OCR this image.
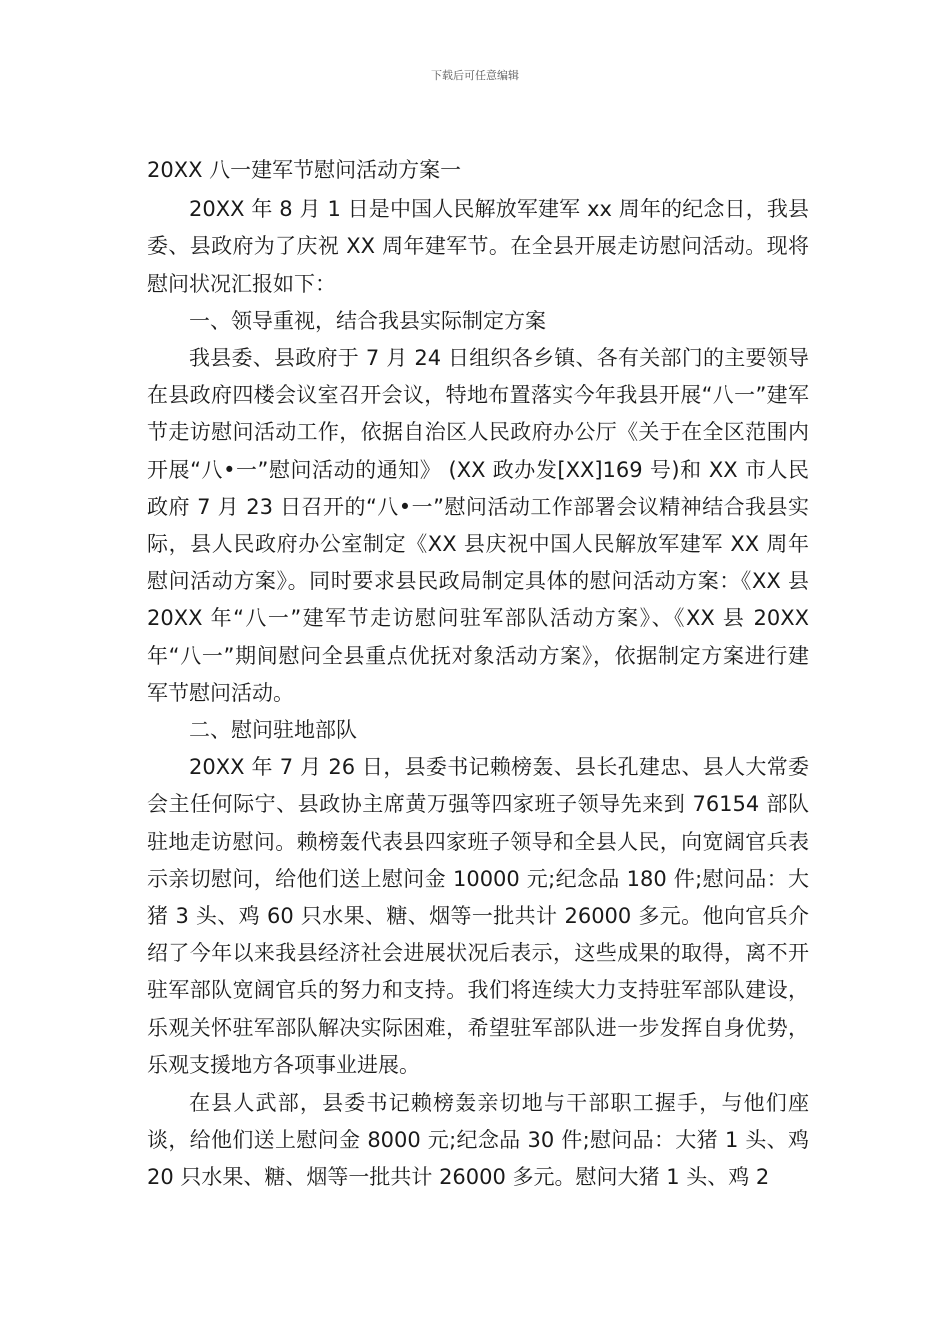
下载后可任意编辑

20XX 八一建军节慰问活动方案一

20XX 年 8 月 1 日是中国人民解放军建军 xx 周年的纪念日，我县委、县政府为了庆祝 XX 周年建军节。在全县开展走访慰问活动。现将慰问状况汇报如下：

一、领导重视，结合我县实际制定方案

我县委、县政府于 7 月 24 日组织各乡镇、各有关部门的主要领导在县政府四楼会议室召开会议，特地布置落实今年我县开展“八一”建军节走访慰问活动工作，依据自治区人民政府办公厅《关于在全区范围内开展“八•一”慰问活动的通知》 (XX 政办发[XX]169 号)和 XX 市人民政府 7 月 23 日召开的“八•一”慰问活动工作部署会议精神结合我县实际，县人民政府办公室制定《XX 县庆祝中国人民解放军建军 XX 周年慰问活动方案》。同时要求县民政局制定具体的慰问活动方案：《XX 县 20XX 年“八一”建军节走访慰问驻军部队活动方案》、《XX 县 20XX 年“八一”期间慰问全县重点优抚对象活动方案》，依据制定方案进行建军节慰问活动。

二、慰问驻地部队

20XX 年 7 月 26 日，县委书记赖榜轰、县长孔建忠、县人大常委会主任何际宁、县政协主席黄万强等四家班子领导先来到 76154 部队驻地走访慰问。赖榜轰代表县四家班子领导和全县人民，向宽阔官兵表示亲切慰问，给他们送上慰问金 10000 元;纪念品 180 件;慰问品：大猪 3 头、鸡 60 只水果、糖、烟等一批共计 26000 多元。他向官兵介绍了今年以来我县经济社会进展状况后表示，这些成果的取得，离不开驻军部队宽阔官兵的努力和支持。我们将连续大力支持驻军部队建设，乐观关怀驻军部队解决实际困难，希望驻军部队进一步发挥自身优势，乐观支援地方各项事业进展。

在县人武部，县委书记赖榜轰亲切地与干部职工握手，与他们座谈，给他们送上慰问金 8000 元;纪念品 30 件;慰问品：大猪 1 头、鸡 20 只水果、糖、烟等一批共计 26000 多元。慰问大猪 1 头、鸡 2
